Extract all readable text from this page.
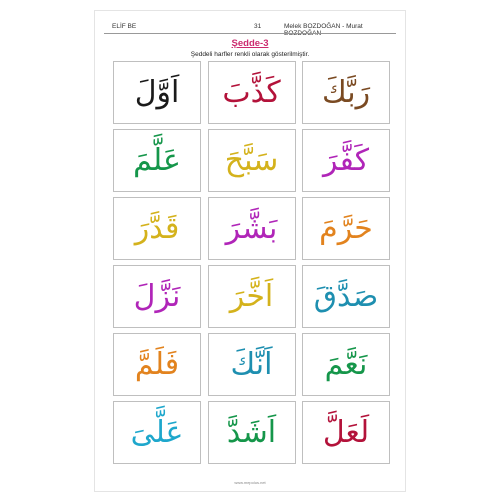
ELİF BE	31	Melek BOZDOĞAN - Murat BOZDOĞAN
Şedde-3
Şeddeli harfler renkli olarak gösterilmiştir.
اَوَّلَ كَذَّبَ رَبَّكَ
عَلَّمَ سَبَّحَ كَفَّرَ
قَدَّرَ بَشَّرَ حَرَّمَ
نَزَّلَ اَخَّرَ صَدَّقَ
فَلَمَّ اَنَّكَ نَعَّمَ
عَلَّىَ اَشَدَّ لَعَلَّ
www.mepolus.net
